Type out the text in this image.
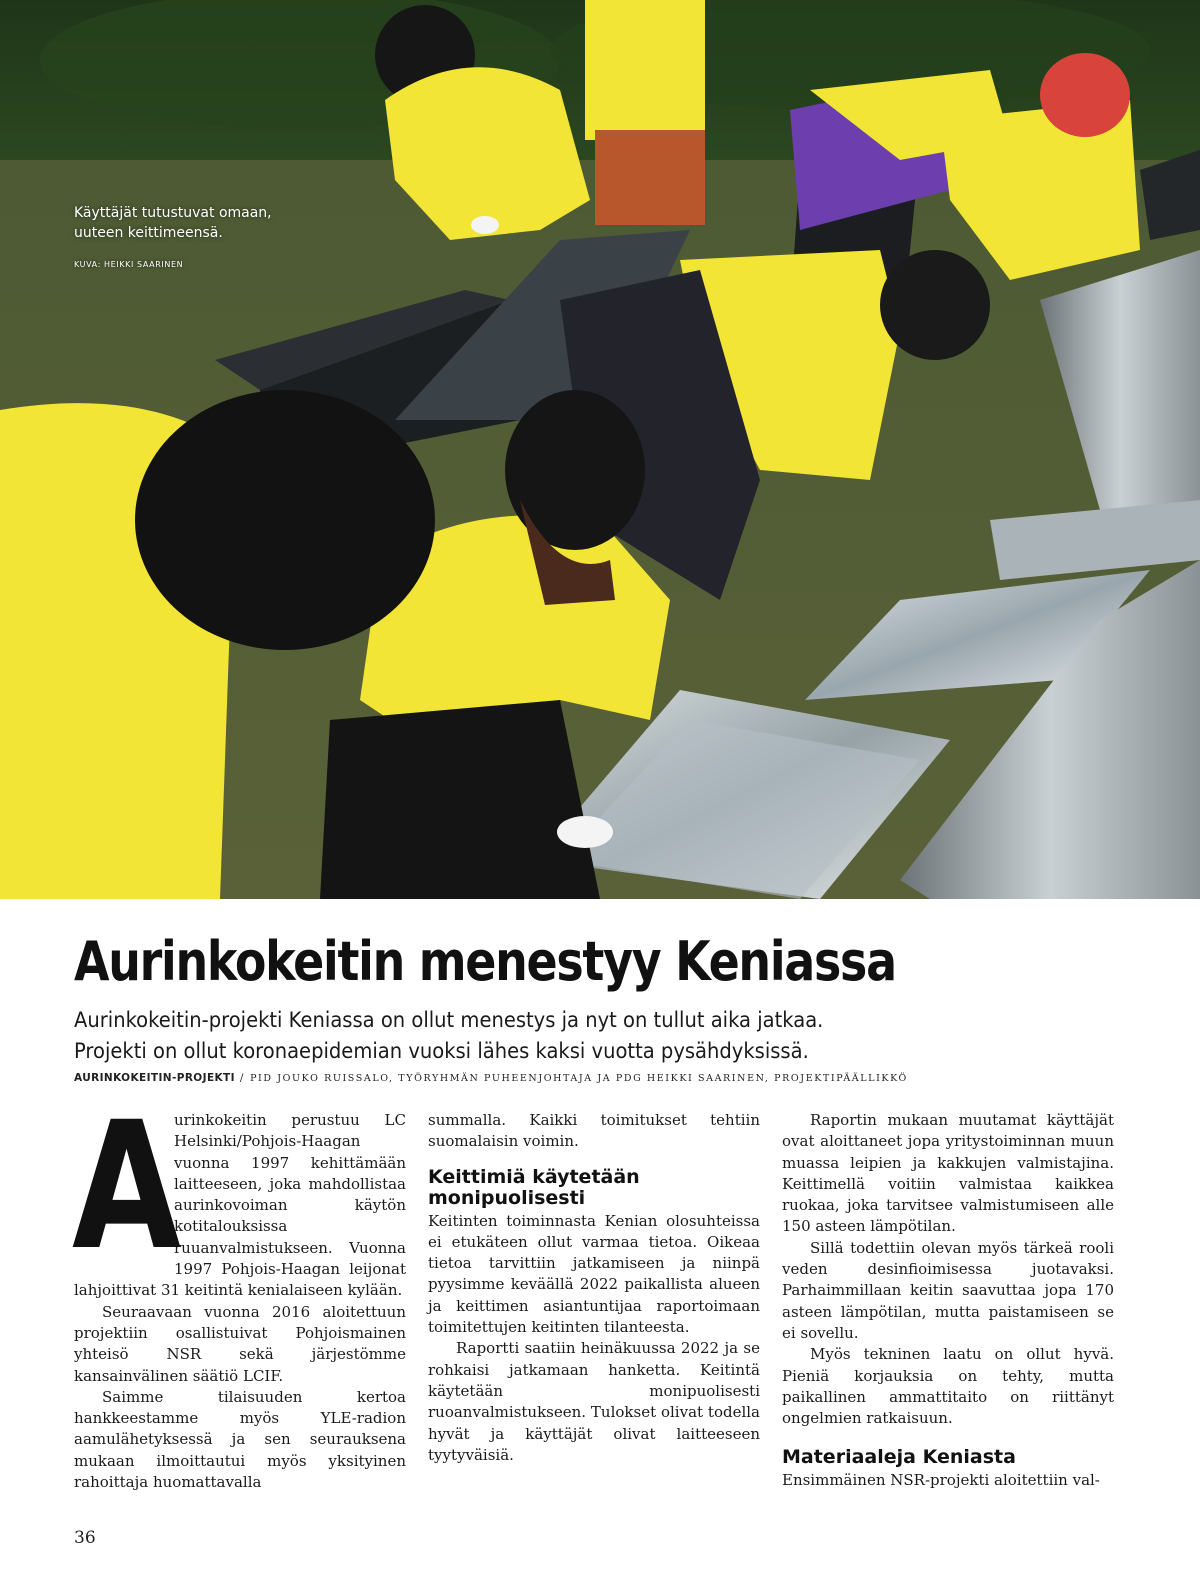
Käyttäjät tutustuvat omaan,
uuteen keittimeensä.
KUVA: HEIKKI SAARINEN
Aurinkokeitin menestyy Keniassa
Aurinkokeitin-projekti Keniassa on ollut menestys ja nyt on tullut aika jatkaa.
Projekti on ollut koronaepidemian vuoksi lähes kaksi vuotta pysähdyksissä.
AURINKOKEITIN-PROJEKTI / PID JOUKO RUISSALO, TYÖRYHMÄN PUHEENJOHTAJA JA PDG HEIKKI SAARINEN, PROJEKTIPÄÄLLIKKÖ
A

urinkokeitin perustuu LC Helsinki/Pohjois-Haagan vuonna 1997 kehittämään laitteeseen, joka mahdollistaa aurinkovoiman käytön kotitalouksissa ruuanvalmistukseen. Vuonna 1997 Pohjois-Haagan leijonat lahjoittivat 31 keitintä kenialaiseen kylään.

Seuraavaan vuonna 2016 aloitettuun projektiin osallistuivat Pohjoismainen yhteisö NSR sekä järjestömme kansainvälinen säätiö LCIF.

Saimme tilaisuuden kertoa hankkeestamme myös YLE-radion aamulähetyksessä ja sen seurauksena mukaan ilmoittautui myös yksityinen rahoittaja huomattavalla

summalla. Kaikki toimitukset tehtiin suomalaisin voimin.

Keittimiä käytetään monipuolisesti

Keitinten toiminnasta Kenian olosuhteissa ei etukäteen ollut varmaa tietoa. Oikeaa tietoa tarvittiin jatkamiseen ja niinpä pyysimme keväällä 2022 paikallista alueen ja keittimen asiantuntijaa raportoimaan toimitettujen keitinten tilanteesta.

Raportti saatiin heinäkuussa 2022 ja se rohkaisi jatkamaan hanketta. Keitintä käytetään monipuolisesti ruoanvalmistukseen. Tulokset olivat todella hyvät ja käyttäjät olivat laitteeseen tyytyväisiä.

Raportin mukaan muutamat käyttäjät ovat aloittaneet jopa yritystoiminnan muun muassa leipien ja kakkujen valmistajina. Keittimellä voitiin valmistaa kaikkea ruokaa, joka tarvitsee valmistumiseen alle 150 asteen lämpötilan.

Sillä todettiin olevan myös tärkeä rooli veden desinfioimisessa juotavaksi. Parhaimmillaan keitin saavuttaa jopa 170 asteen lämpötilan, mutta paistamiseen se ei sovellu.

Myös tekninen laatu on ollut hyvä. Pieniä korjauksia on tehty, mutta paikallinen ammattitaito on riittänyt ongelmien ratkaisuun.

Materiaaleja Keniasta

Ensimmäinen NSR-projekti aloitettiin val-

36
